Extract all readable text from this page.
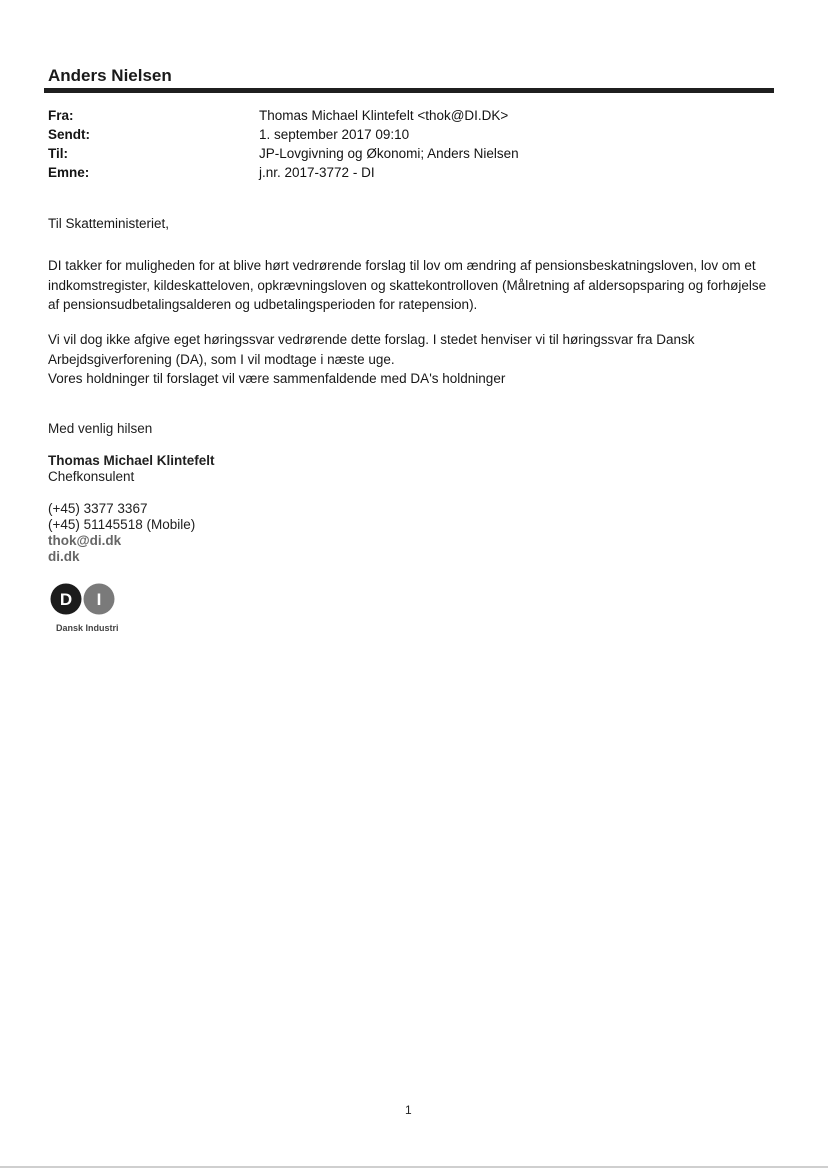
Anders Nielsen
Fra:	Thomas Michael Klintefelt <thok@DI.DK>
Sendt:	1. september 2017 09:10
Til:	JP-Lovgivning og Økonomi; Anders Nielsen
Emne:	j.nr. 2017-3772 - DI

Til Skatteministeriet,

DI takker for muligheden for at blive hørt vedrørende forslag til lov om ændring af pensionsbeskatningsloven, lov om et indkomstregister, kildeskatteloven, opkrævningsloven og skattekontrolloven (Målretning af aldersopsparing og forhøjelse af pensionsudbetalingsalderen og udbetalingsperioden for ratepension).

Vi vil dog ikke afgive eget høringssvar vedrørende dette forslag. I stedet henviser vi til høringssvar fra Dansk Arbejdsgiverforening (DA), som I vil modtage i næste uge.

Vores holdninger til forslaget vil være sammenfaldende med DA's holdninger

Med venlig hilsen
Thomas Michael Klintefelt
Chefkonsulent
(+45) 3377 3367
(+45) 51145518 (Mobile)
thok@di.dk
di.dk
D I
Dansk Industri
1
